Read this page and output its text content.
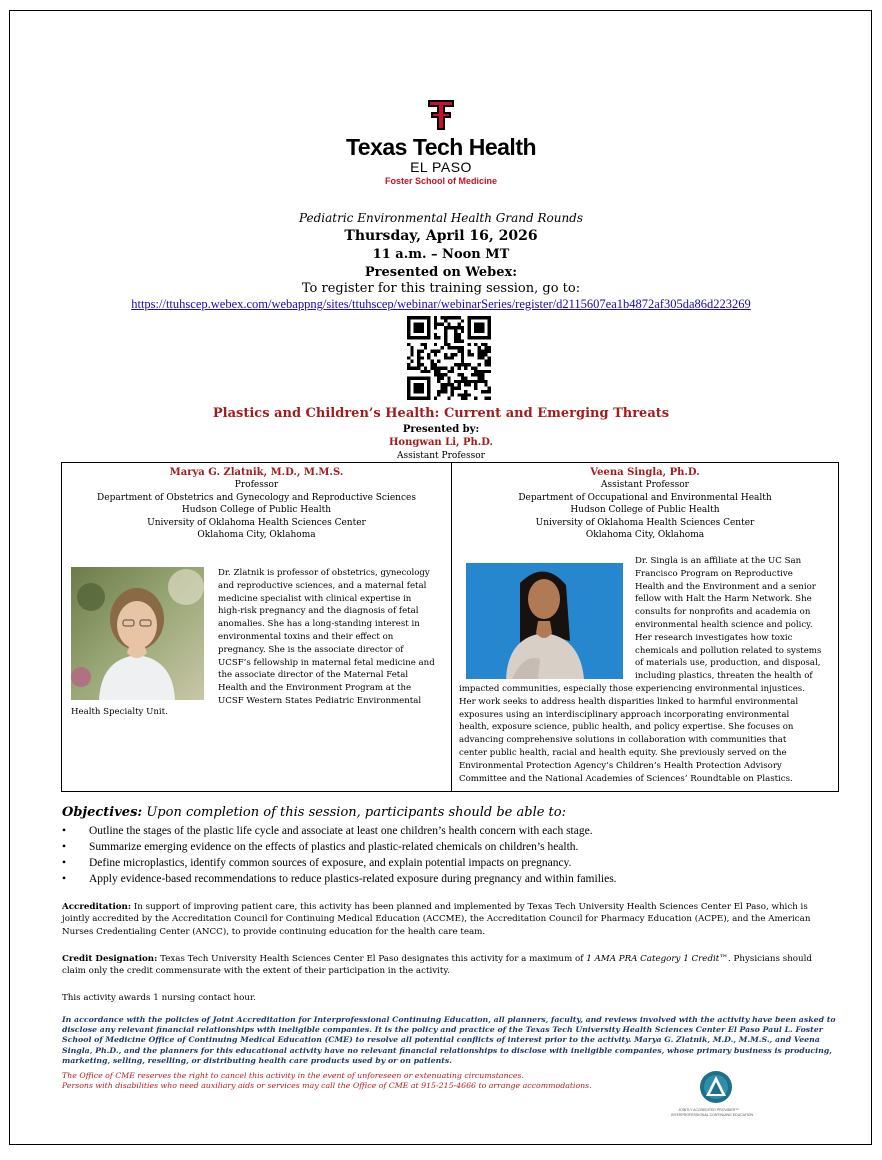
Texas Tech Health
EL PASO
Foster School of Medicine
Pediatric Environmental Health Grand Rounds
Thursday, April 16, 2026
11 a.m. – Noon MT
Presented on Webex:
To register for this training session, go to:
https://ttuhscep.webex.com/webappng/sites/ttuhscep/webinar/webinarSeries/register/d2115607ea1b4872af305da86d223269
Plastics and Children’s Health: Current and Emerging Threats
Presented by:
Hongwan Li, Ph.D.
Assistant Professor
Marya G. Zlatnik, M.D., M.M.S.
Professor
Department of Obstetrics and Gynecology and Reproductive Sciences
Hudson College of Public Health
University of Oklahoma Health Sciences Center
Oklahoma City, Oklahoma
Dr. Zlatnik is professor of obstetrics, gynecology
and reproductive sciences, and a maternal fetal
medicine specialist with clinical expertise in
high-risk pregnancy and the diagnosis of fetal
anomalies. She has a long-standing interest in
environmental toxins and their effect on
pregnancy. She is the associate director of
UCSF’s fellowship in maternal fetal medicine and
the associate director of the Maternal Fetal
Health and the Environment Program at the
UCSF Western States Pediatric Environmental
Health Specialty Unit.
Veena Singla, Ph.D.
Assistant Professor
Department of Occupational and Environmental Health
Hudson College of Public Health
University of Oklahoma Health Sciences Center
Oklahoma City, Oklahoma
Dr. Singla is an affiliate at the UC San
Francisco Program on Reproductive
Health and the Environment and a senior
fellow with Halt the Harm Network. She
consults for nonprofits and academia on
environmental health science and policy.
Her research investigates how toxic
chemicals and pollution related to systems
of materials use, production, and disposal,
including plastics, threaten the health of
impacted communities, especially those experiencing environmental injustices.
Her work seeks to address health disparities linked to harmful environmental
exposures using an interdisciplinary approach incorporating environmental
health, exposure science, public health, and policy expertise. She focuses on
advancing comprehensive solutions in collaboration with communities that
center public health, racial and health equity. She previously served on the
Environmental Protection Agency’s Children’s Health Protection Advisory
Committee and the National Academies of Sciences’ Roundtable on Plastics.
Objectives: Upon completion of this session, participants should be able to:
• Outline the stages of the plastic life cycle and associate at least one children’s health concern with each stage.
• Summarize emerging evidence on the effects of plastics and plastic-related chemicals on children’s health.
• Define microplastics, identify common sources of exposure, and explain potential impacts on pregnancy.
• Apply evidence-based recommendations to reduce plastics-related exposure during pregnancy and within families.
Accreditation: In support of improving patient care, this activity has been planned and implemented by Texas Tech University Health Sciences Center El Paso, which is jointly accredited by the Accreditation Council for Continuing Medical Education (ACCME), the Accreditation Council for Pharmacy Education (ACPE), and the American Nurses Credentialing Center (ANCC), to provide continuing education for the health care team.
Credit Designation: Texas Tech University Health Sciences Center El Paso designates this activity for a maximum of 1 AMA PRA Category 1 Credit™. Physicians should claim only the credit commensurate with the extent of their participation in the activity.
This activity awards 1 nursing contact hour.
In accordance with the policies of Joint Accreditation for Interprofessional Continuing Education, all planners, faculty, and reviews involved with the activity have been asked to disclose any relevant financial relationships with ineligible companies. It is the policy and practice of the Texas Tech University Health Sciences Center El Paso Paul L. Foster School of Medicine Office of Continuing Medical Education (CME) to resolve all potential conflicts of interest prior to the activity. Marya G. Zlatnik, M.D., M.M.S., and Veena Singla, Ph.D., and the planners for this educational activity have no relevant financial relationships to disclose with ineligible companies, whose primary business is producing, marketing, selling, reselling, or distributing health care products used by or on patients.
The Office of CME reserves the right to cancel this activity in the event of unforeseen or extenuating circumstances.
Persons with disabilities who need auxiliary aids or services may call the Office of CME at 915-215-4666 to arrange accommodations.
JOINTLY ACCREDITED PROVIDER™
INTERPROFESSIONAL CONTINUING EDUCATION
